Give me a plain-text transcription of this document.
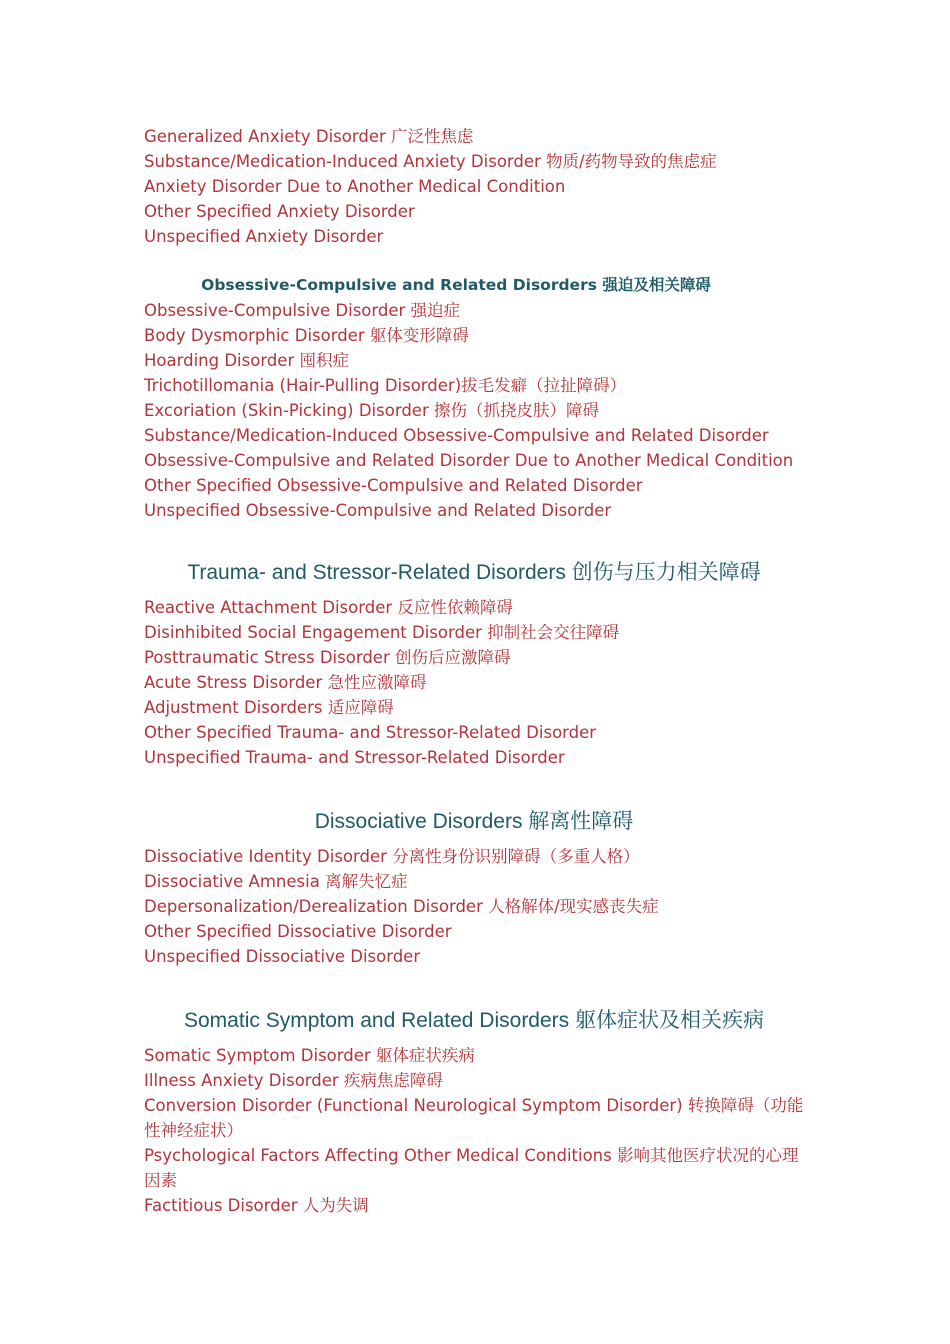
Generalized Anxiety Disorder 广泛性焦虑
Substance/Medication-Induced Anxiety Disorder 物质/药物导致的焦虑症
Anxiety Disorder Due to Another Medical Condition
Other Specified Anxiety Disorder
Unspecified Anxiety Disorder
Obsessive-Compulsive and Related Disorders 强迫及相关障碍
Obsessive-Compulsive Disorder 强迫症
Body Dysmorphic Disorder 躯体变形障碍
Hoarding Disorder 囤积症
Trichotillomania (Hair-Pulling Disorder)拔毛发癖（拉扯障碍）
Excoriation (Skin-Picking) Disorder 擦伤（抓挠皮肤）障碍
Substance/Medication-Induced Obsessive-Compulsive and Related Disorder
Obsessive-Compulsive and Related Disorder Due to Another Medical Condition
Other Specified Obsessive-Compulsive and Related Disorder
Unspecified Obsessive-Compulsive and Related Disorder
Trauma- and Stressor-Related Disorders 创伤与压力相关障碍
Reactive Attachment Disorder 反应性依赖障碍
Disinhibited Social Engagement Disorder 抑制社会交往障碍
Posttraumatic Stress Disorder 创伤后应激障碍
Acute Stress Disorder 急性应激障碍
Adjustment Disorders 适应障碍
Other Specified Trauma- and Stressor-Related Disorder
Unspecified Trauma- and Stressor-Related Disorder
Dissociative Disorders 解离性障碍
Dissociative Identity Disorder 分离性身份识别障碍（多重人格）
Dissociative Amnesia 离解失忆症
Depersonalization/Derealization Disorder 人格解体/现实感丧失症
Other Specified Dissociative Disorder
Unspecified Dissociative Disorder
Somatic Symptom and Related Disorders 躯体症状及相关疾病
Somatic Symptom Disorder 躯体症状疾病
Illness Anxiety Disorder 疾病焦虑障碍
Conversion Disorder (Functional Neurological Symptom Disorder) 转换障碍（功能性神经症状）
Psychological Factors Affecting Other Medical Conditions 影响其他医疗状况的心理因素
Factitious Disorder 人为失调
